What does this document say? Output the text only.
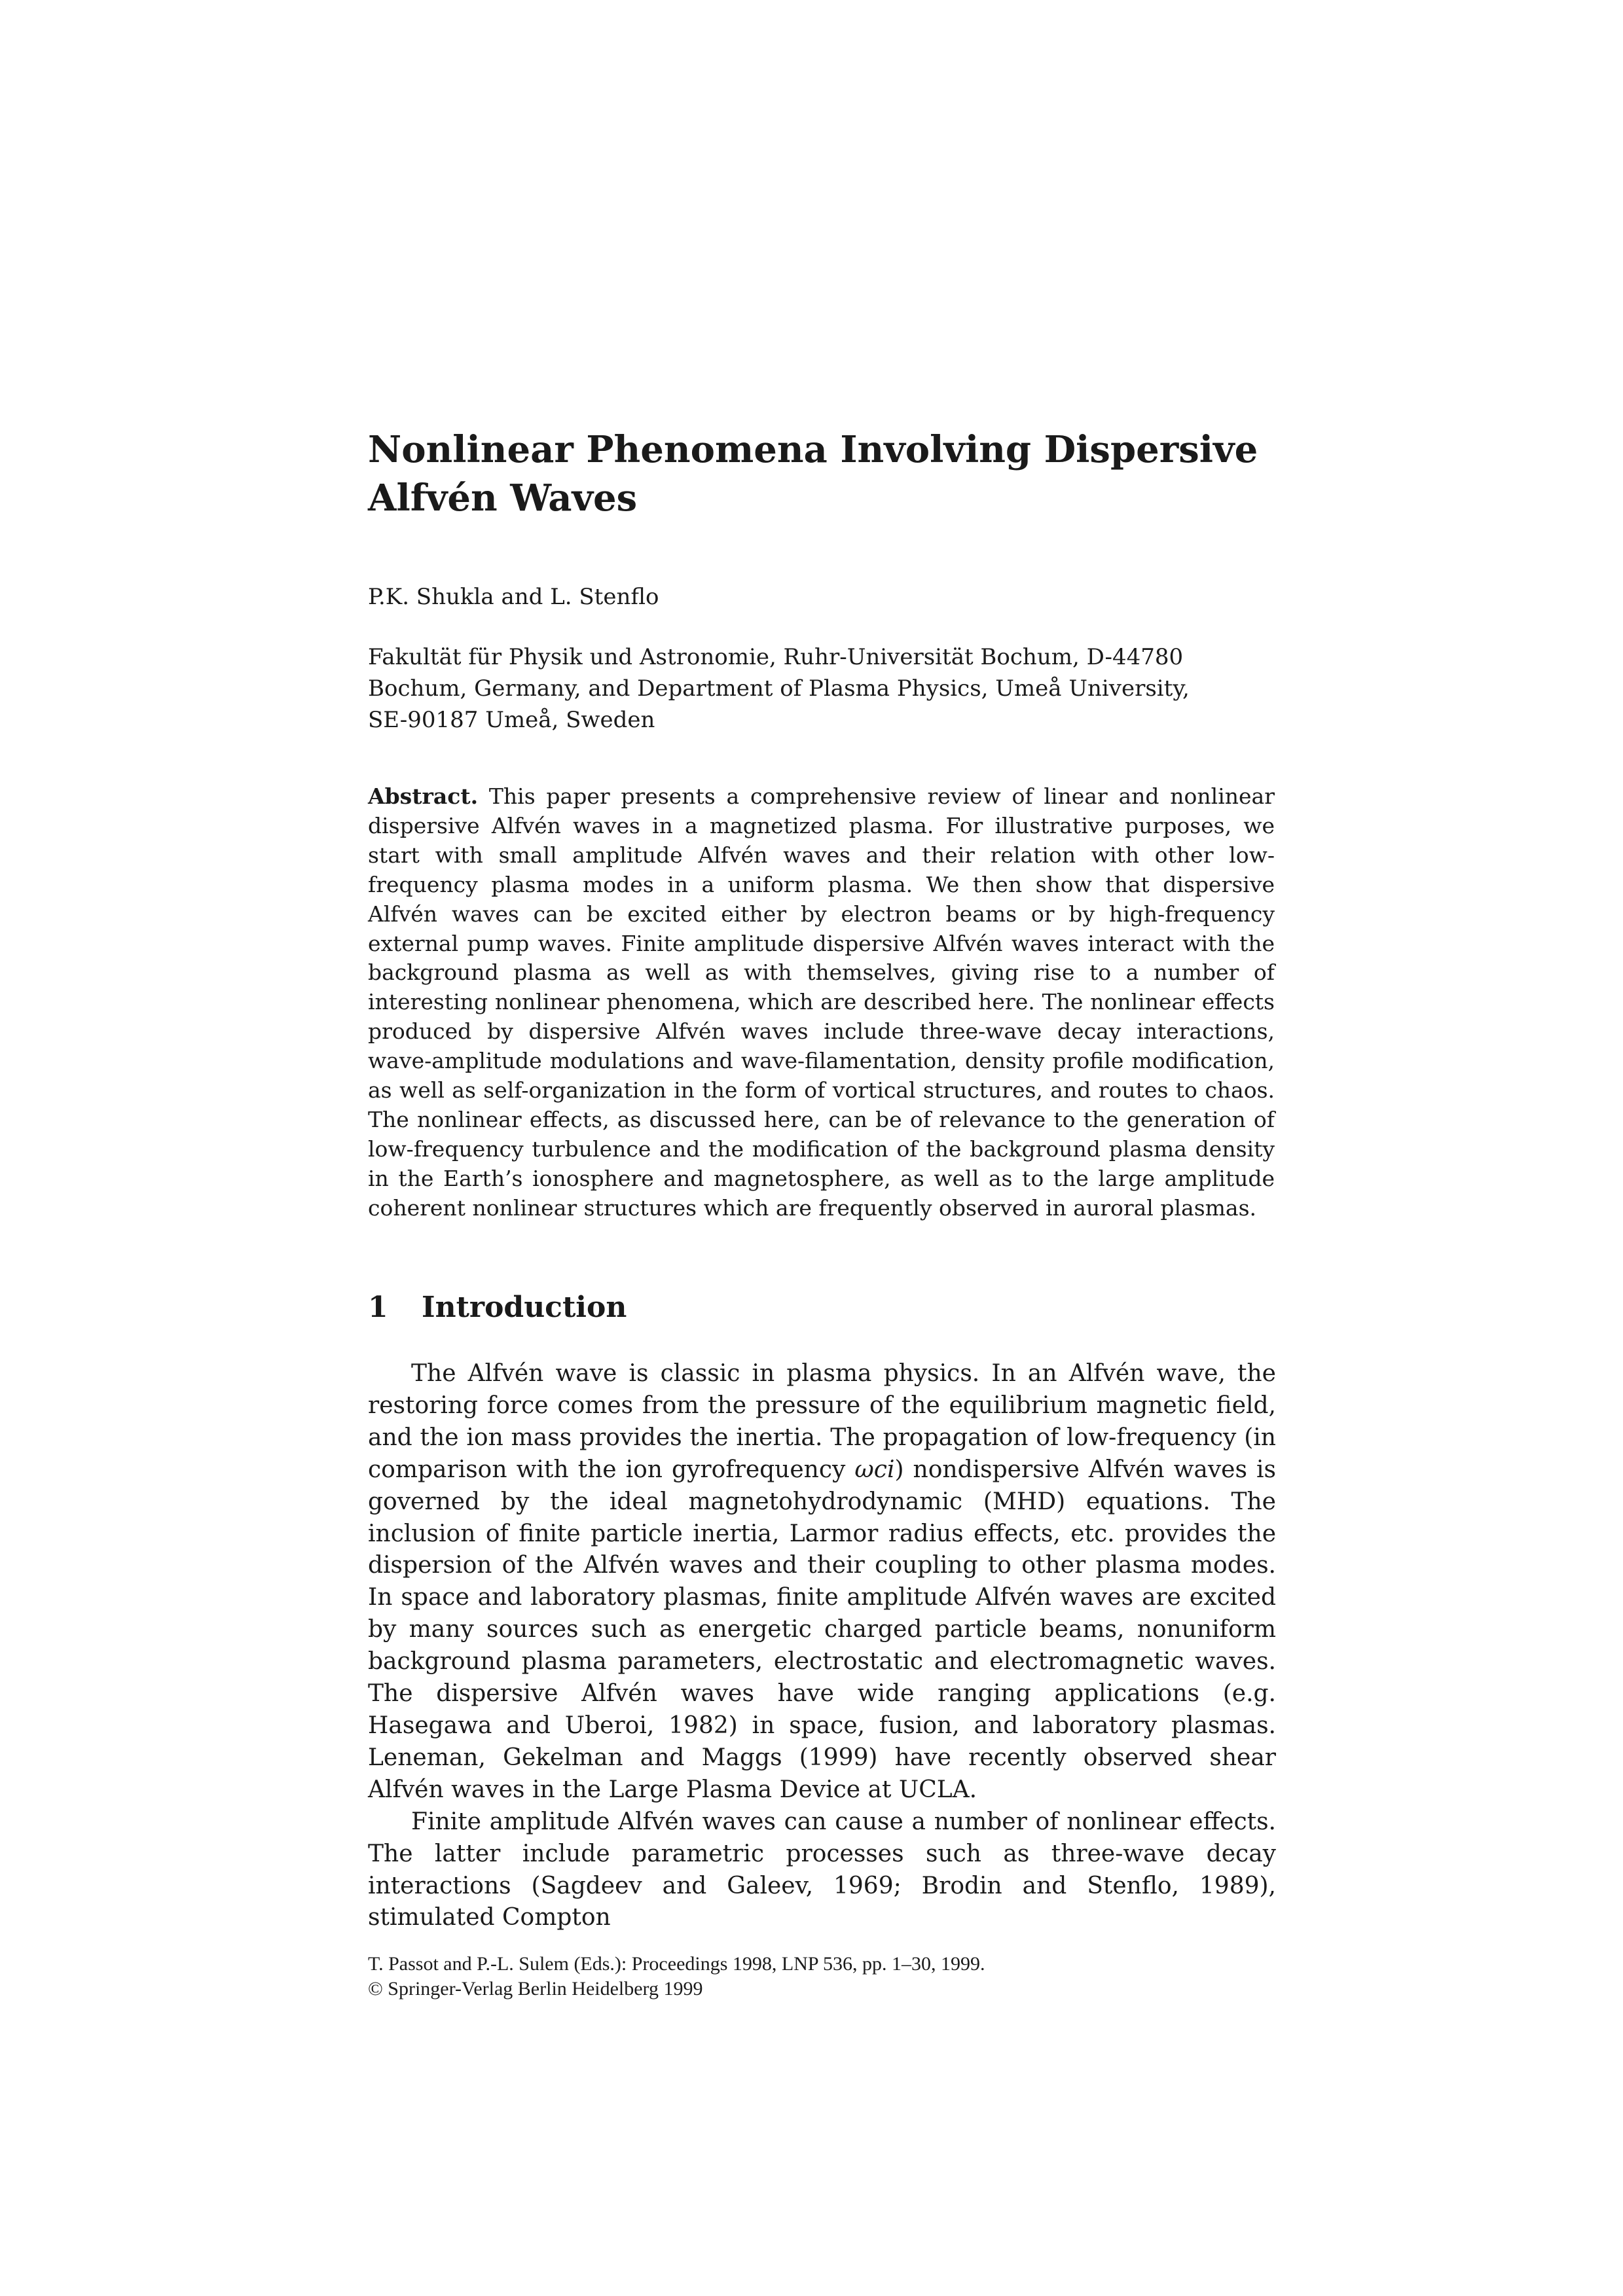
Nonlinear Phenomena Involving Dispersive
Alfvén Waves
P.K. Shukla and L. Stenflo
Fakultät für Physik und Astronomie, Ruhr-Universität Bochum, D-44780
Bochum, Germany, and Department of Plasma Physics, Umeå University,
SE-90187 Umeå, Sweden

Abstract. This paper presents a comprehensive review of linear and nonlinear dispersive Alfvén waves in a magnetized plasma. For illustrative purposes, we start with small amplitude Alfvén waves and their relation with other low-frequency plasma modes in a uniform plasma. We then show that dispersive Alfvén waves can be excited either by electron beams or by high-frequency external pump waves. Finite amplitude dispersive Alfvén waves interact with the background plasma as well as with themselves, giving rise to a number of interesting nonlinear phenomena, which are described here. The nonlinear effects produced by dispersive Alfvén waves include three-wave decay interactions, wave-amplitude modulations and wave-filamentation, density profile modification, as well as self-organization in the form of vortical structures, and routes to chaos. The nonlinear effects, as discussed here, can be of relevance to the generation of low-frequency turbulence and the modification of the background plasma density in the Earth’s ionosphere and magnetosphere, as well as to the large amplitude coherent nonlinear structures which are frequently observed in auroral plasmas.

1 Introduction

The Alfvén wave is classic in plasma physics. In an Alfvén wave, the restoring force comes from the pressure of the equilibrium magnetic field, and the ion mass provides the inertia. The propagation of low-frequency (in comparison with the ion gyrofrequency ωci) nondispersive Alfvén waves is governed by the ideal magnetohydrodynamic (MHD) equations. The inclusion of finite particle inertia, Larmor radius effects, etc. provides the dispersion of the Alfvén waves and their coupling to other plasma modes. In space and laboratory plasmas, finite amplitude Alfvén waves are excited by many sources such as energetic charged particle beams, nonuniform background plasma parameters, electrostatic and electromagnetic waves. The dispersive Alfvén waves have wide ranging applications (e.g. Hasegawa and Uberoi, 1982) in space, fusion, and laboratory plasmas. Leneman, Gekelman and Maggs (1999) have recently observed shear Alfvén waves in the Large Plasma Device at UCLA.

Finite amplitude Alfvén waves can cause a number of nonlinear effects. The latter include parametric processes such as three-wave decay interactions (Sagdeev and Galeev, 1969; Brodin and Stenflo, 1989), stimulated Compton

T. Passot and P.-L. Sulem (Eds.): Proceedings 1998, LNP 536, pp. 1–30, 1999.
© Springer-Verlag Berlin Heidelberg 1999
